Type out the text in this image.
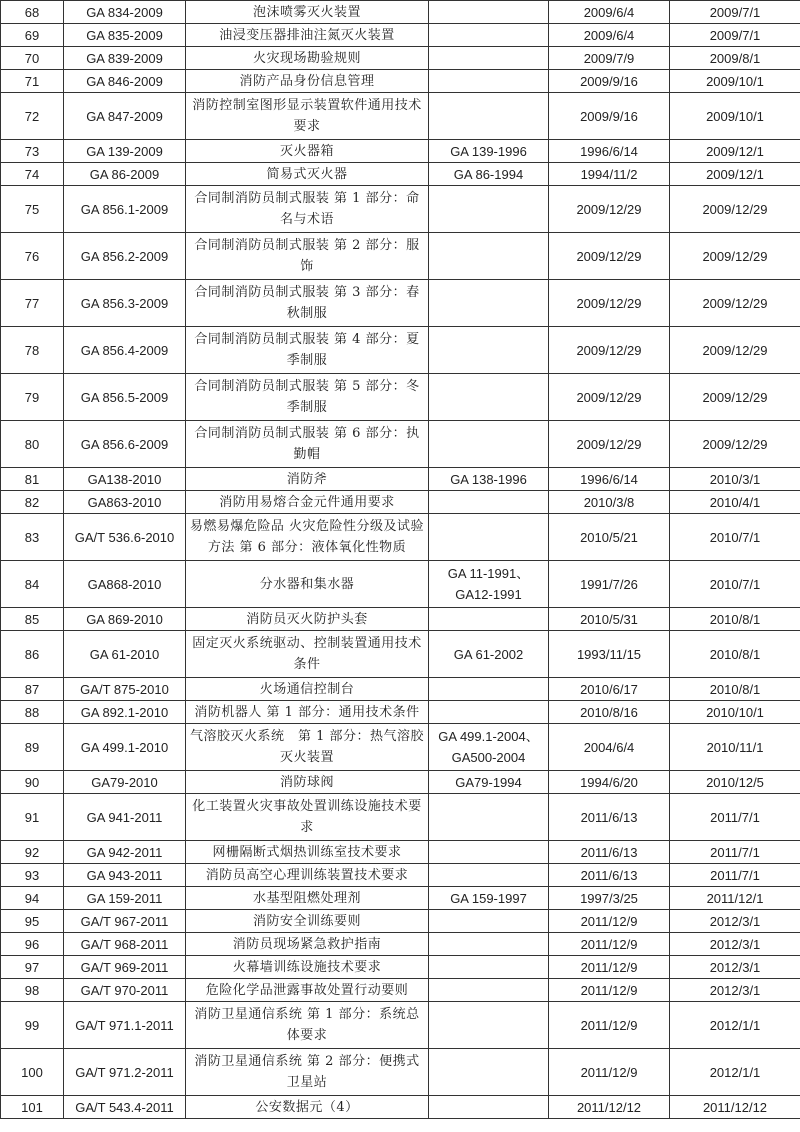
68	GA 834-2009	泡沫喷雾灭火装置		2009/6/4	2009/7/1
69	GA 835-2009	油浸变压器排油注氮灭火装置		2009/6/4	2009/7/1
70	GA 839-2009	火灾现场勘验规则		2009/7/9	2009/8/1
71	GA 846-2009	消防产品身份信息管理		2009/9/16	2009/10/1
72	GA 847-2009	消防控制室图形显示装置软件通用技术要求		2009/9/16	2009/10/1
73	GA 139-2009	灭火器箱	GA 139-1996	1996/6/14	2009/12/1
74	GA 86-2009	简易式灭火器	GA 86-1994	1994/11/2	2009/12/1
75	GA 856.1-2009	合同制消防员制式服装 第 1 部分：命名与术语		2009/12/29	2009/12/29
76	GA 856.2-2009	合同制消防员制式服装 第 2 部分：服饰		2009/12/29	2009/12/29
77	GA 856.3-2009	合同制消防员制式服装 第 3 部分：春秋制服		2009/12/29	2009/12/29
78	GA 856.4-2009	合同制消防员制式服装 第 4 部分：夏季制服		2009/12/29	2009/12/29
79	GA 856.5-2009	合同制消防员制式服装 第 5 部分：冬季制服		2009/12/29	2009/12/29
80	GA 856.6-2009	合同制消防员制式服装 第 6 部分：执勤帽		2009/12/29	2009/12/29
81	GA138-2010	消防斧	GA 138-1996	1996/6/14	2010/3/1
82	GA863-2010	消防用易熔合金元件通用要求		2010/3/8	2010/4/1
83	GA/T 536.6-2010	易燃易爆危险品 火灾危险性分级及试验方法 第 6 部分：液体氧化性物质		2010/5/21	2010/7/1
84	GA868-2010	分水器和集水器	GA 11-1991、GA12-1991	1991/7/26	2010/7/1
85	GA 869-2010	消防员灭火防护头套		2010/5/31	2010/8/1
86	GA 61-2010	固定灭火系统驱动、控制装置通用技术条件	GA 61-2002	1993/11/15	2010/8/1
87	GA/T 875-2010	火场通信控制台		2010/6/17	2010/8/1
88	GA 892.1-2010	消防机器人 第 1 部分：通用技术条件		2010/8/16	2010/10/1
89	GA 499.1-2010	气溶胶灭火系统　第 1 部分：热气溶胶灭火装置	GA 499.1-2004、GA500-2004	2004/6/4	2010/11/1
90	GA79-2010	消防球阀	GA79-1994	1994/6/20	2010/12/5
91	GA 941-2011	化工装置火灾事故处置训练设施技术要求		2011/6/13	2011/7/1
92	GA 942-2011	网栅隔断式烟热训练室技术要求		2011/6/13	2011/7/1
93	GA 943-2011	消防员高空心理训练装置技术要求		2011/6/13	2011/7/1
94	GA 159-2011	水基型阻燃处理剂	GA 159-1997	1997/3/25	2011/12/1
95	GA/T 967-2011	消防安全训练要则		2011/12/9	2012/3/1
96	GA/T 968-2011	消防员现场紧急救护指南		2011/12/9	2012/3/1
97	GA/T 969-2011	火幕墙训练设施技术要求		2011/12/9	2012/3/1
98	GA/T 970-2011	危险化学品泄露事故处置行动要则		2011/12/9	2012/3/1
99	GA/T 971.1-2011	消防卫星通信系统 第 1 部分：系统总体要求		2011/12/9	2012/1/1
100	GA/T 971.2-2011	消防卫星通信系统 第 2 部分：便携式卫星站		2011/12/9	2012/1/1
101	GA/T 543.4-2011	公安数据元（4）		2011/12/12	2011/12/12
